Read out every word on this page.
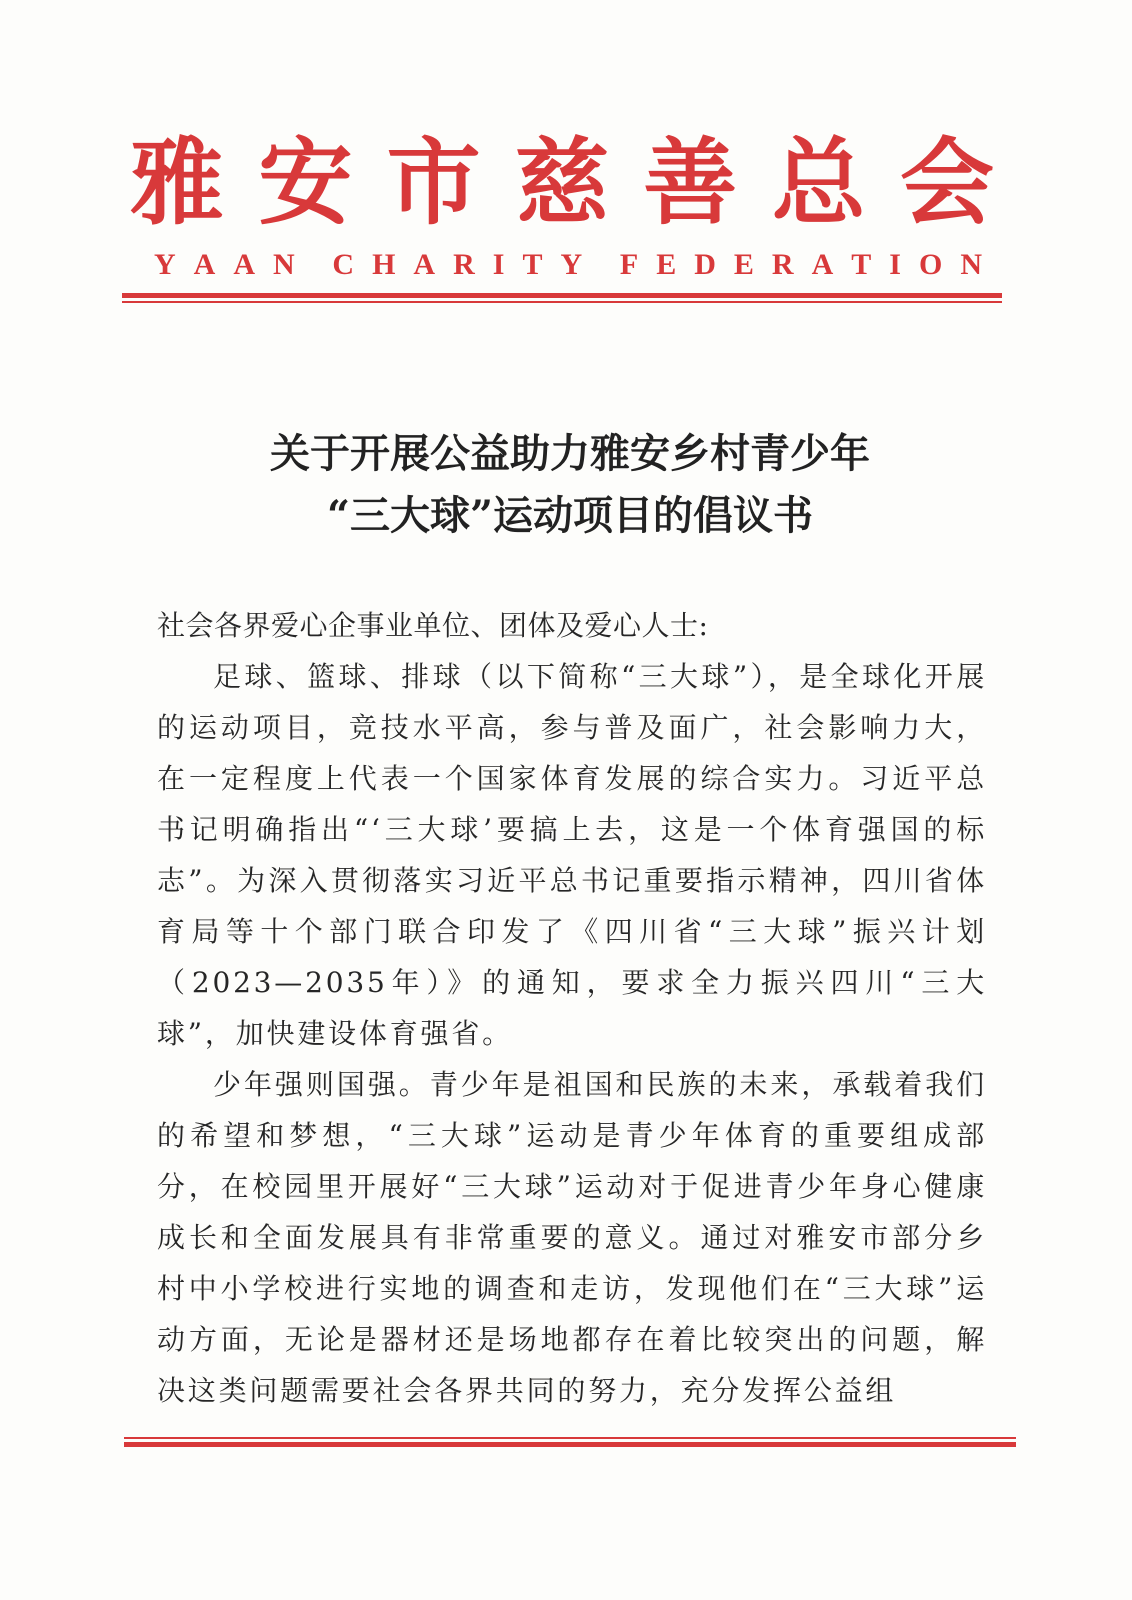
雅 安 市 慈 善 总 会
Y  A  A  N C  H  A  R  I  T  Y F  E  D  E  R  A  T  I  O  N
关于开展公益助力雅安乡村青少年
“三大球”运动项目的倡议书

社会各界爱心企事业单位、团体及爱心人士:

足球、篮球、排球（以下简称“三大球”），是全球化开展的运动项目，竞技水平高，参与普及面广，社会影响力大，在一定程度上代表一个国家体育发展的综合实力。习近平总书记明确指出“‘三大球’要搞上去，这是一个体育强国的标志”。为深入贯彻落实习近平总书记重要指示精神，四川省体育局等十个部门联合印发了《四川省“三大球”振兴计划（2023—2035年）》的通知，要求全力振兴四川“三大球”，加快建设体育强省。

少年强则国强。青少年是祖国和民族的未来，承载着我们的希望和梦想，“三大球”运动是青少年体育的重要组成部分，在校园里开展好“三大球”运动对于促进青少年身心健康成长和全面发展具有非常重要的意义。通过对雅安市部分乡村中小学校进行实地的调查和走访，发现他们在“三大球”运动方面，无论是器材还是场地都存在着比较突出的问题，解决这类问题需要社会各界共同的努力，充分发挥公益组
